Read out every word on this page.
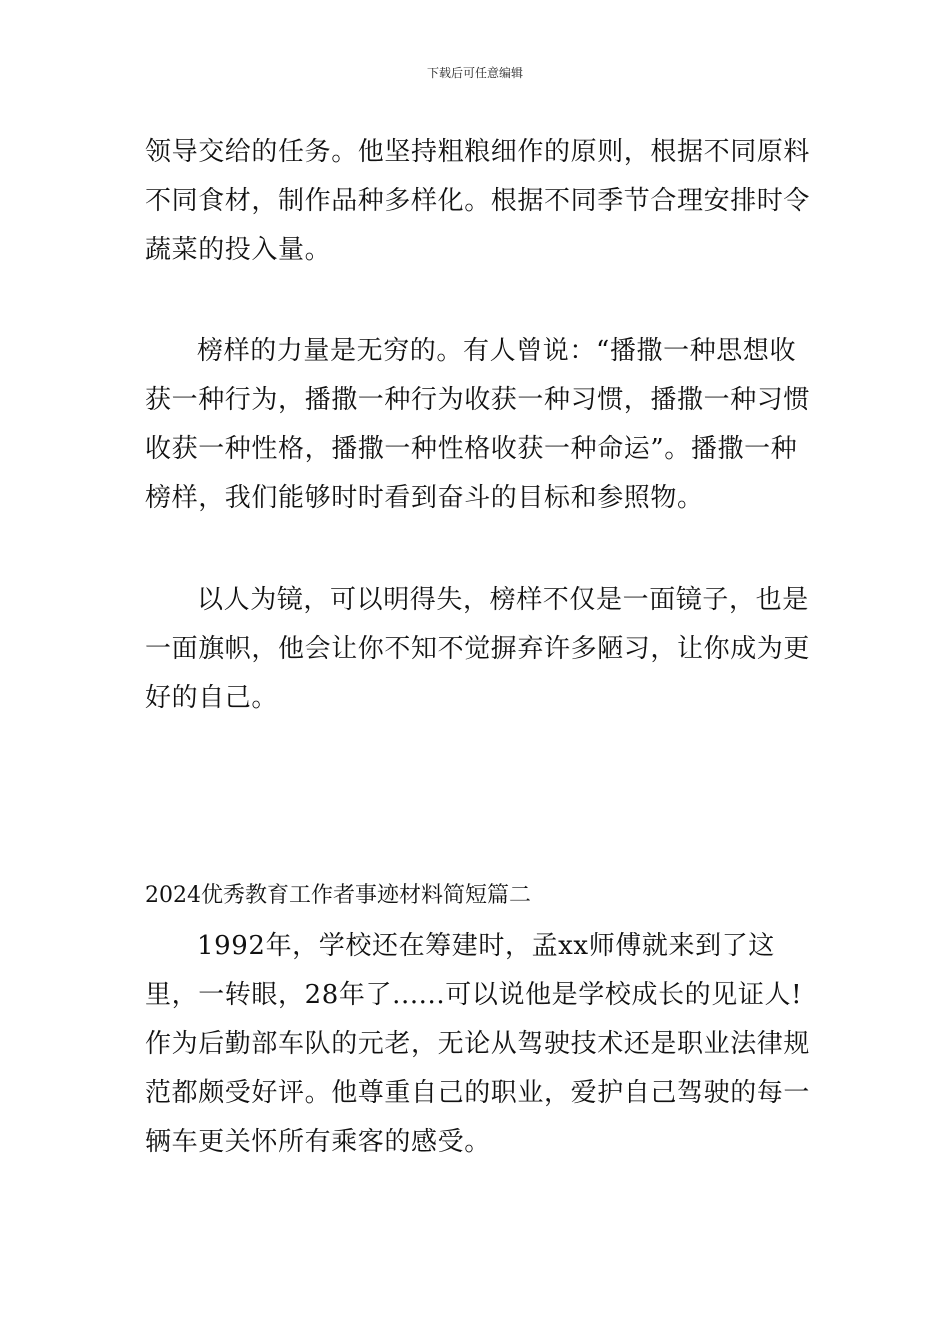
下载后可任意编辑

领导交给的任务。他坚持粗粮细作的原则，根据不同原料不同食材，制作品种多样化。根据不同季节合理安排时令蔬菜的投入量。

榜样的力量是无穷的。有人曾说：“播撒一种思想收获一种行为，播撒一种行为收获一种习惯，播撒一种习惯收获一种性格，播撒一种性格收获一种命运”。播撒一种榜样，我们能够时时看到奋斗的目标和参照物。

以人为镜，可以明得失，榜样不仅是一面镜子，也是一面旗帜，他会让你不知不觉摒弃许多陋习，让你成为更好的自己。

2024优秀教育工作者事迹材料简短篇二

1992年，学校还在筹建时，孟xx师傅就来到了这里，一转眼，28年了......可以说他是学校成长的见证人!作为后勤部车队的元老，无论从驾驶技术还是职业法律规范都颇受好评。他尊重自己的职业，爱护自己驾驶的每一辆车更关怀所有乘客的感受。
